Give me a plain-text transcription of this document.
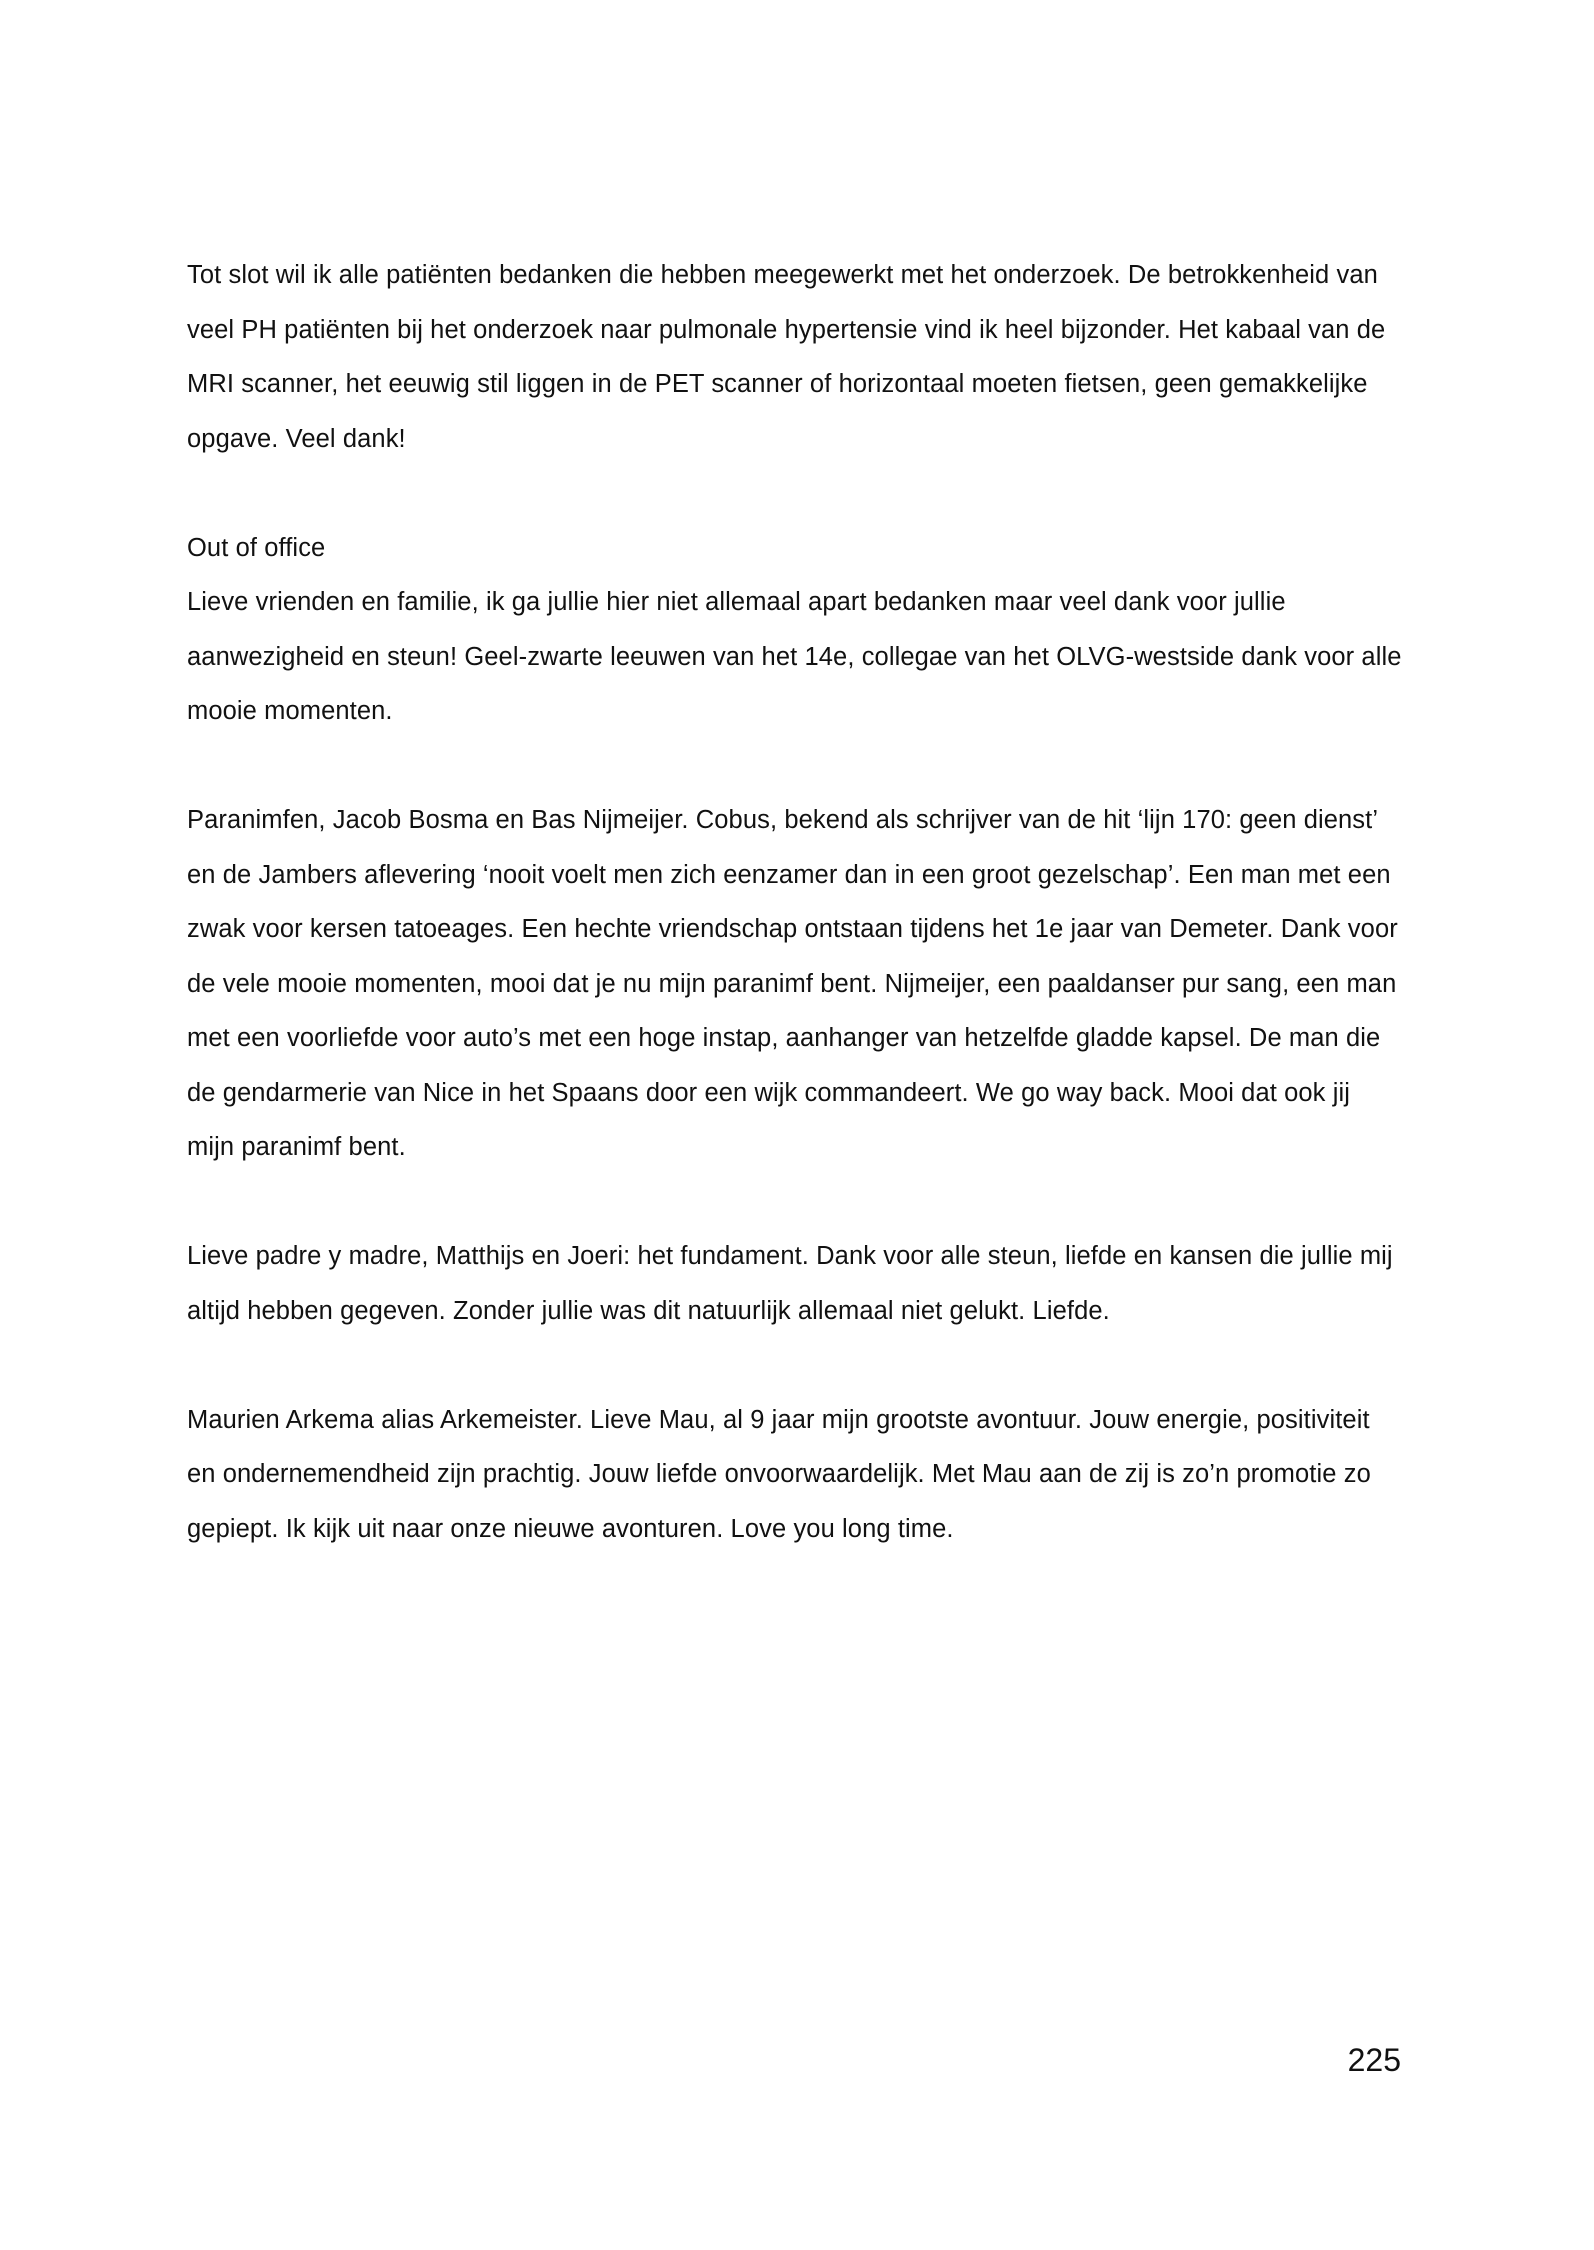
Tot slot wil ik alle patiënten bedanken die hebben meegewerkt met het onderzoek. De betrokkenheid van veel PH patiënten bij het onderzoek naar pulmonale hypertensie vind ik heel bijzonder. Het kabaal van de MRI scanner, het eeuwig stil liggen in de PET scanner of horizontaal moeten fietsen, geen gemakkelijke opgave. Veel dank!

Out of office

Lieve vrienden en familie, ik ga jullie hier niet allemaal apart bedanken maar veel dank voor jullie aanwezigheid en steun! Geel-zwarte leeuwen van het 14e, collegae van het OLVG-westside dank voor alle mooie momenten.

Paranimfen, Jacob Bosma en Bas Nijmeijer. Cobus, bekend als schrijver van de hit ‘lijn 170: geen dienst’ en de Jambers aflevering ‘nooit voelt men zich eenzamer dan in een groot gezelschap’. Een man met een zwak voor kersen tatoeages. Een hechte vriendschap ontstaan tijdens het 1e jaar van Demeter. Dank voor de vele mooie momenten, mooi dat je nu mijn paranimf bent. Nijmeijer, een paaldanser pur sang, een man met een voorliefde voor auto’s met een hoge instap, aanhanger van hetzelfde gladde kapsel. De man die de gendarmerie van Nice in het Spaans door een wijk commandeert. We go way back. Mooi dat ook jij mijn paranimf bent.

Lieve padre y madre, Matthijs en Joeri: het fundament. Dank voor alle steun, liefde en kansen die jullie mij altijd hebben gegeven. Zonder jullie was dit natuurlijk allemaal niet gelukt. Liefde.

Maurien Arkema alias Arkemeister. Lieve Mau, al 9 jaar mijn grootste avontuur. Jouw energie, positiviteit en ondernemendheid zijn prachtig. Jouw liefde onvoorwaardelijk. Met Mau aan de zij is zo’n promotie zo gepiept. Ik kijk uit naar onze nieuwe avonturen. Love you long time.

225
